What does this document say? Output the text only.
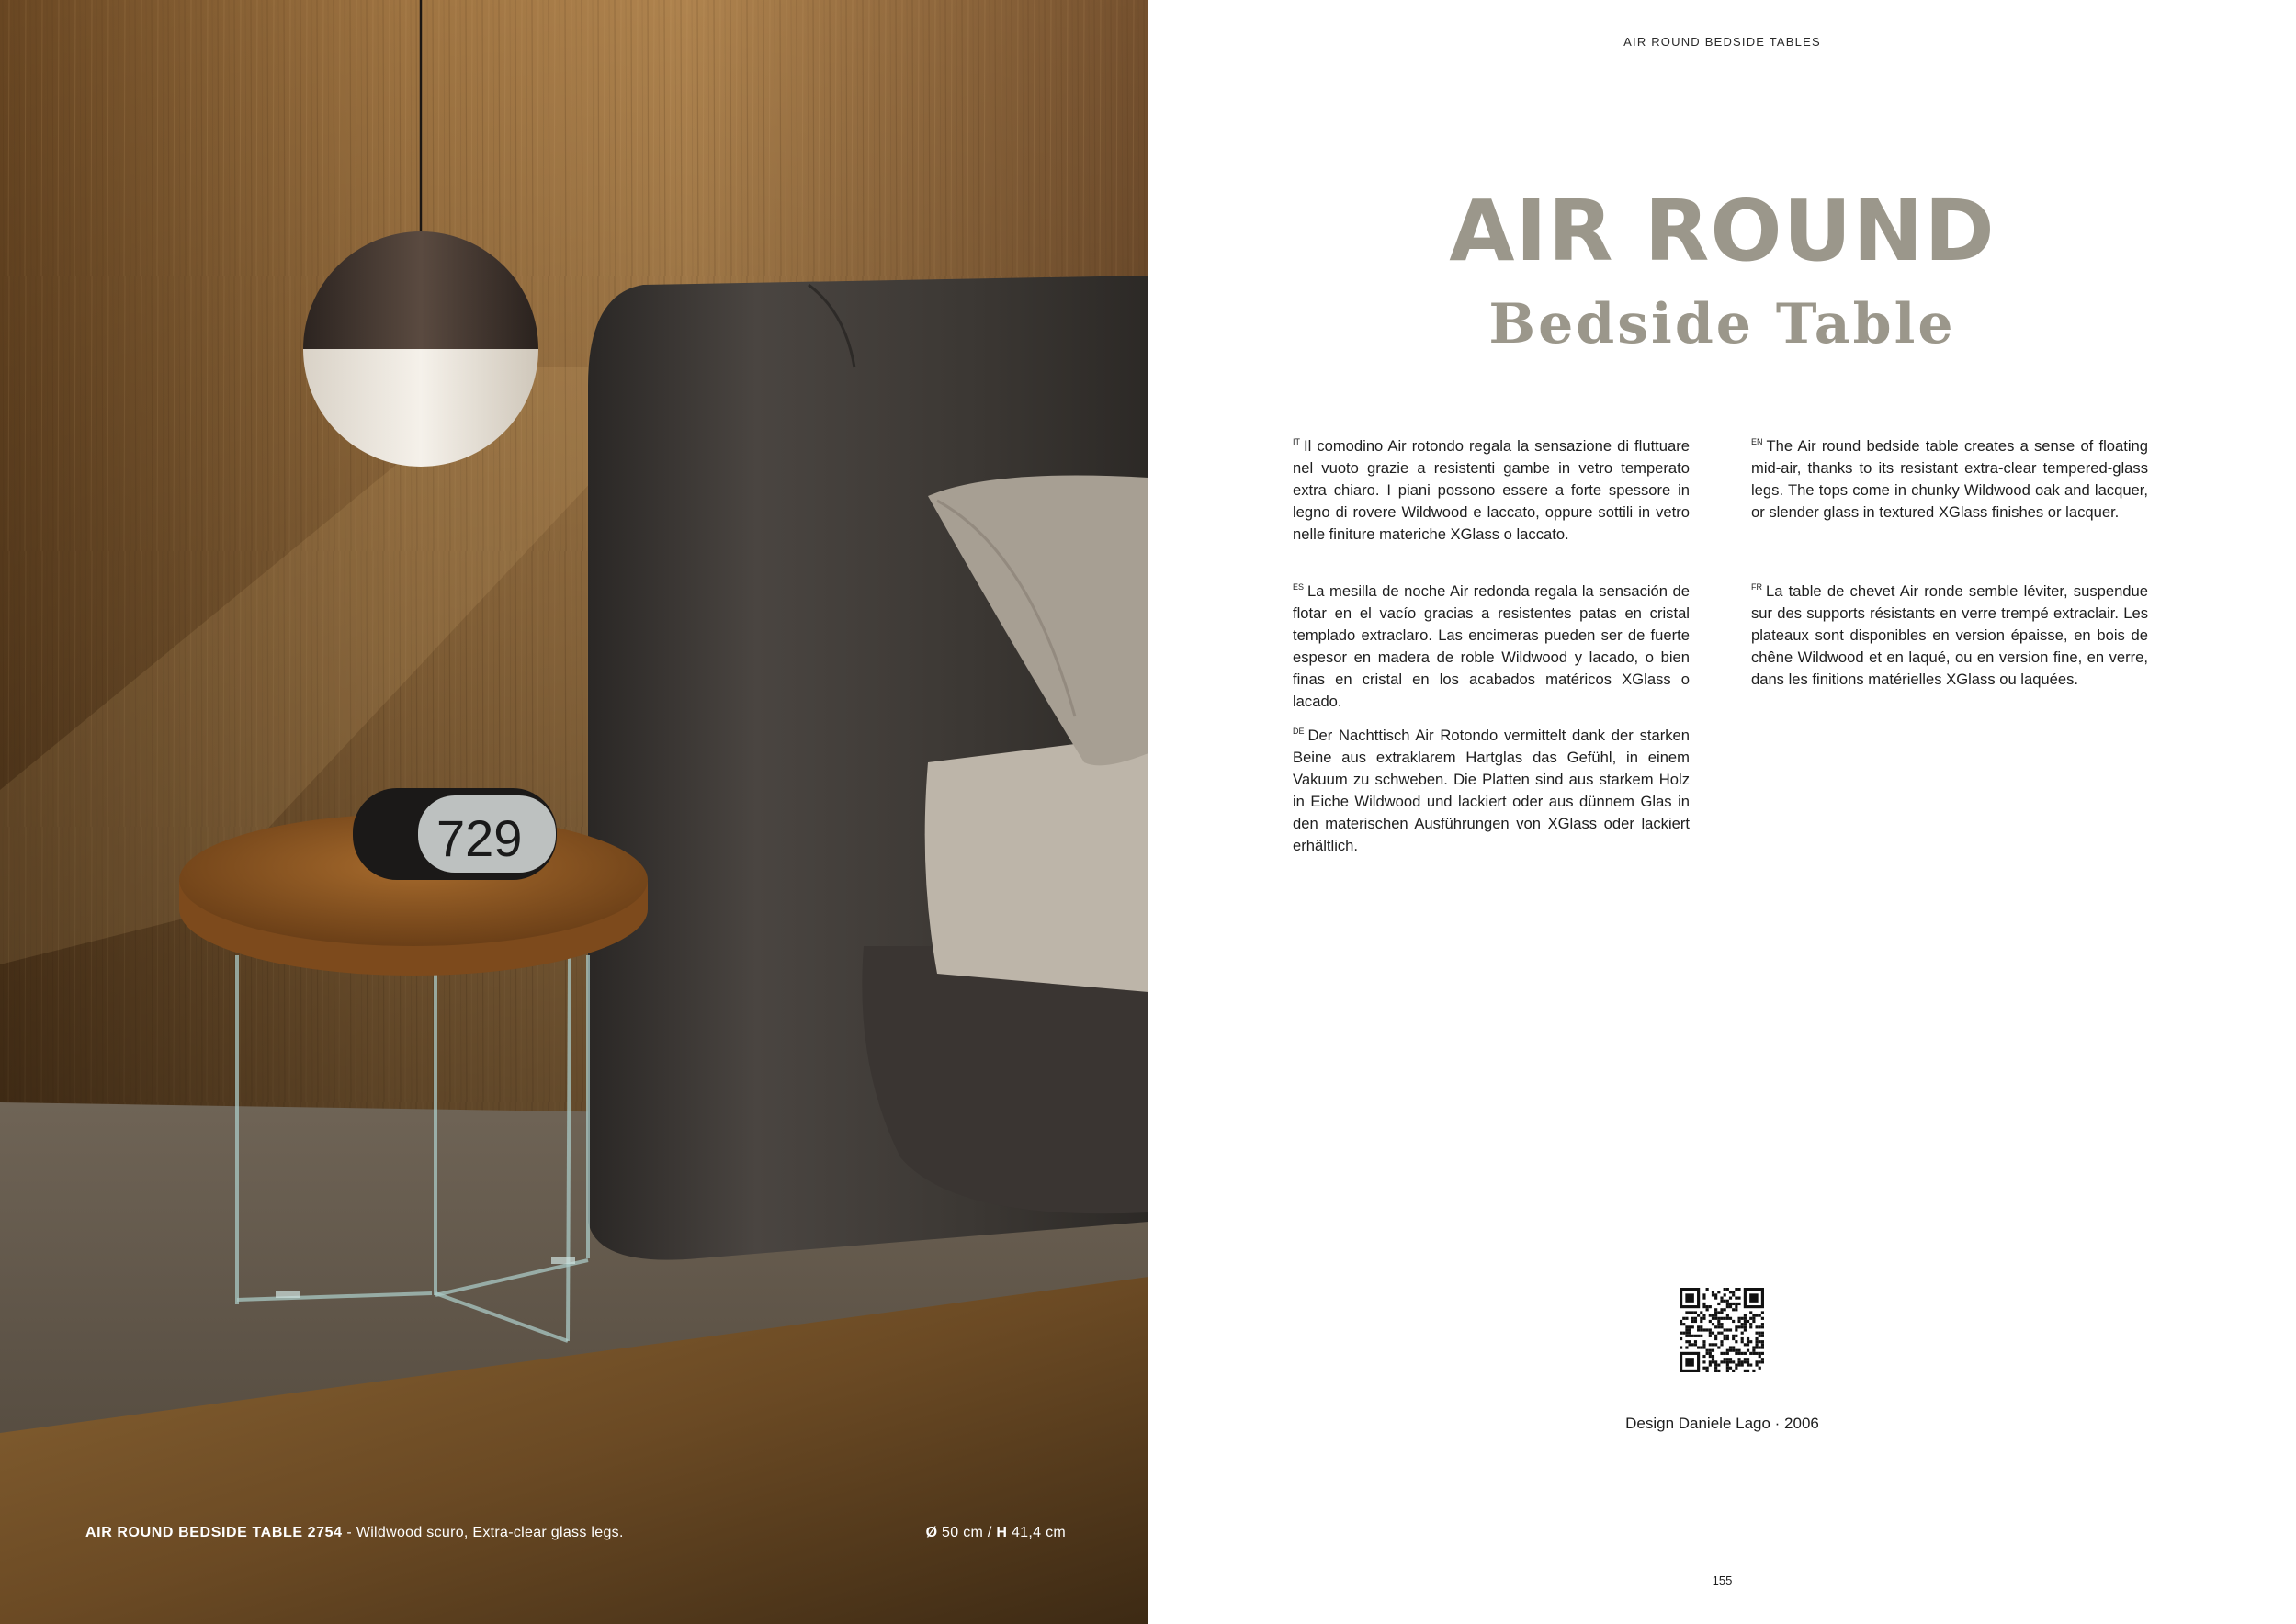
729
AIR ROUND BEDSIDE TABLE 2754 - Wildwood scuro, Extra-clear glass legs.	Ø 50 cm / H 41,4 cm
AIR ROUND BEDSIDE TABLES
AIR ROUND
Bedside Table
$^{IT}$ Il comodino Air rotondo regala la sensazione di fluttuare nel vuoto grazie a resistenti gambe in vetro temperato extra chiaro. I piani possono essere a forte spessore in legno di rovere Wildwood e laccato, oppure sottili in vetro nelle finiture materiche XGlass o laccato.
$^{EN}$ The Air round bedside table creates a sense of floating mid-air, thanks to its resistant extra-clear tempered-glass legs. The tops come in chunky Wildwood oak and lacquer, or slender glass in textured XGlass finishes or lacquer.
$^{ES}$ La mesilla de noche Air redonda regala la sensación de flotar en el vacío gracias a resistentes patas en cristal templado extraclaro. Las encimeras pueden ser de fuerte espesor en madera de roble Wildwood y lacado, o bien finas en cristal en los acabados matéricos XGlass o lacado.
$^{FR}$ La table de chevet Air ronde semble léviter, suspendue sur des supports résistants en verre trempé extraclair. Les plateaux sont disponibles en version épaisse, en bois de chêne Wildwood et en laqué, ou en version fine, en verre, dans les finitions matérielles XGlass ou laquées.
$^{DE}$ Der Nachttisch Air Rotondo vermittelt dank der starken Beine aus extraklarem Hartglas das Gefühl, in einem Vakuum zu schweben. Die Platten sind aus starkem Holz in Eiche Wildwood und lackiert oder aus dünnem Glas in den materischen Ausführungen von XGlass oder lackiert erhältlich.
Design Daniele Lago · 2006
155
